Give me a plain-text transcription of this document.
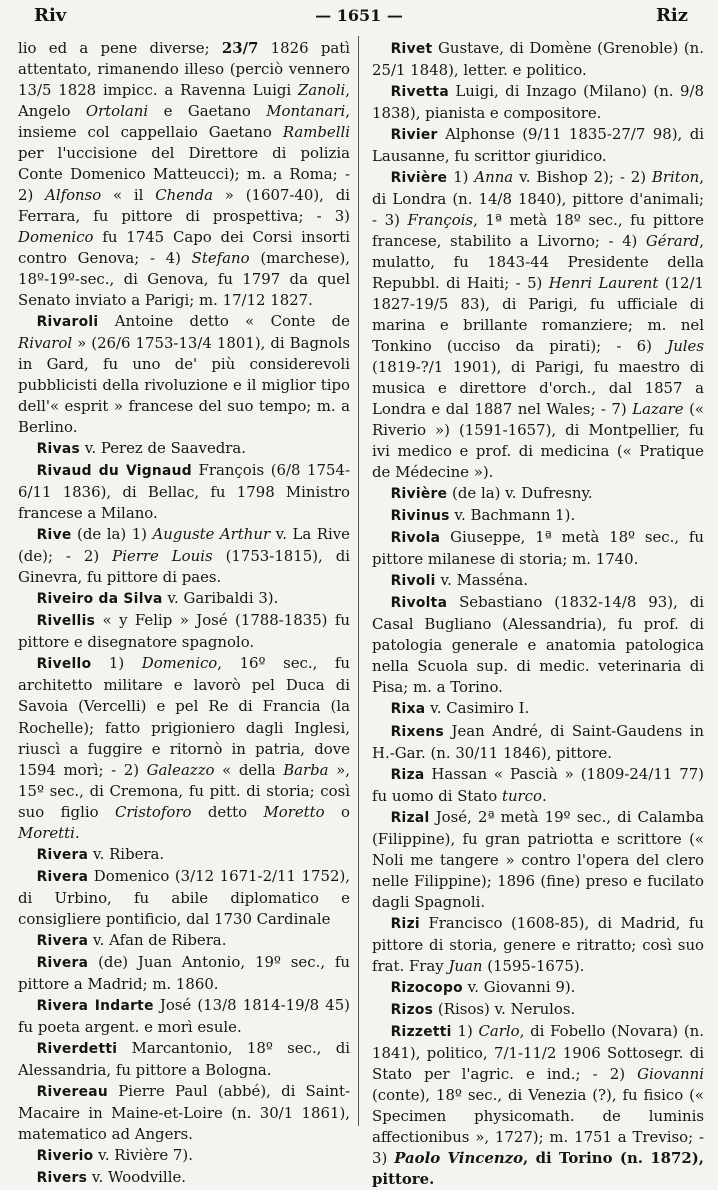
Riv	— 1651 —	Riz

lio ed a pene diverse; 23/7 1826 patì attentato, rimanendo illeso (perciò vennero 13/5 1828 impicc. a Ravenna Luigi Zanoli, Angelo Ortolani e Gaetano Montanari, insieme col cappellaio Gaetano Rambelli per l'uccisione del Direttore di polizia Conte Domenico Matteucci); m. a Roma; - 2) Alfonso « il Chenda » (1607-40), di Ferrara, fu pittore di prospettiva; - 3) Domenico fu 1745 Capo dei Corsi insorti contro Genova; - 4) Stefano (marchese), 18º-19º-sec., di Genova, fu 1797 da quel Senato inviato a Parigi; m. 17/12 1827.

Rivaroli Antoine detto « Conte de Rivarol » (26/6 1753-13/4 1801), di Bagnols in Gard, fu uno de' più considerevoli pubblicisti della rivoluzione e il miglior tipo dell'« esprit » francese del suo tempo; m. a Berlino.

Rivas v. Perez de Saavedra.

Rivaud du Vignaud François (6/8 1754-6/11 1836), di Bellac, fu 1798 Ministro francese a Milano.

Rive (de la) 1) Auguste Arthur v. La Rive (de); - 2) Pierre Louis (1753-1815), di Ginevra, fu pittore di paes.

Riveiro da Silva v. Garibaldi 3).

Rivellis « y Felip » José (1788-1835) fu pittore e disegnatore spagnolo.

Rivello 1) Domenico, 16º sec., fu architetto militare e lavorò pel Duca di Savoia (Vercelli) e pel Re di Francia (la Rochelle); fatto prigioniero dagli Inglesi, riuscì a fuggire e ritornò in patria, dove 1594 morì; - 2) Galeazzo « della Barba », 15º sec., di Cremona, fu pitt. di storia; così suo figlio Cristoforo detto Moretto o Moretti.

Rivera v. Ribera.

Rivera Domenico (3/12 1671-2/11 1752), di Urbino, fu abile diplomatico e consigliere pontificio, dal 1730 Cardinale

Rivera v. Afan de Ribera.

Rivera (de) Juan Antonio, 19º sec., fu pittore a Madrid; m. 1860.

Rivera Indarte José (13/8 1814-19/8 45) fu poeta argent. e morì esule.

Riverdetti Marcantonio, 18º sec., di Alessandria, fu pittore a Bologna.

Rivereau Pierre Paul (abbé), di Saint-Macaire in Maine-et-Loire (n. 30/1 1861), matematico ad Angers.

Riverio v. Rivière 7).

Rivers v. Woodville.

Rivet Gustave, di Domène (Grenoble) (n. 25/1 1848), letter. e politico.

Rivetta Luigi, di Inzago (Milano) (n. 9/8 1838), pianista e compositore.

Rivier Alphonse (9/11 1835-27/7 98), di Lausanne, fu scrittor giuridico.

Rivière 1) Anna v. Bishop 2); - 2) Briton, di Londra (n. 14/8 1840), pittore d'animali; - 3) François, 1ª metà 18º sec., fu pittore francese, stabilito a Livorno; - 4) Gérard, mulatto, fu 1843-44 Presidente della Repubbl. di Haiti; - 5) Henri Laurent (12/1 1827-19/5 83), di Parigi, fu ufficiale di marina e brillante romanziere; m. nel Tonkino (ucciso da pirati); - 6) Jules (1819-?/1 1901), di Parigi, fu maestro di musica e direttore d'orch., dal 1857 a Londra e dal 1887 nel Wales; - 7) Lazare (« Riverio ») (1591-1657), di Montpellier, fu ivi medico e prof. di medicina (« Pratique de Médecine »).

Rivière (de la) v. Dufresny.

Rivinus v. Bachmann 1).

Rivola Giuseppe, 1ª metà 18º sec., fu pittore milanese di storia; m. 1740.

Rivoli v. Masséna.

Rivolta Sebastiano (1832-14/8 93), di Casal Bugliano (Alessandria), fu prof. di patologia generale e anatomia patologica nella Scuola sup. di medic. veterinaria di Pisa; m. a Torino.

Rixa v. Casimiro I.

Rixens Jean André, di Saint-Gaudens in H.-Gar. (n. 30/11 1846), pittore.

Riza Hassan « Pascià » (1809-24/11 77) fu uomo di Stato turco.

Rizal José, 2ª metà 19º sec., di Calamba (Filippine), fu gran patriotta e scrittore (« Noli me tangere » contro l'opera del clero nelle Filippine); 1896 (fine) preso e fucilato dagli Spagnoli.

Rizi Francisco (1608-85), di Madrid, fu pittore di storia, genere e ritratto; così suo frat. Fray Juan (1595-1675).

Rizocopo v. Giovanni 9).

Rizos (Risos) v. Nerulos.

Rizzetti 1) Carlo, di Fobello (Novara) (n. 1841), politico, 7/1-11/2 1906 Sottosegr. di Stato per l'agric. e ind.; - 2) Giovanni (conte), 18º sec., di Venezia (?), fu fisico (« Specimen physicomath. de luminis affectionibus », 1727); m. 1751 a Treviso; - 3) Paolo Vincenzo, di Torino (n. 1872), pittore.
